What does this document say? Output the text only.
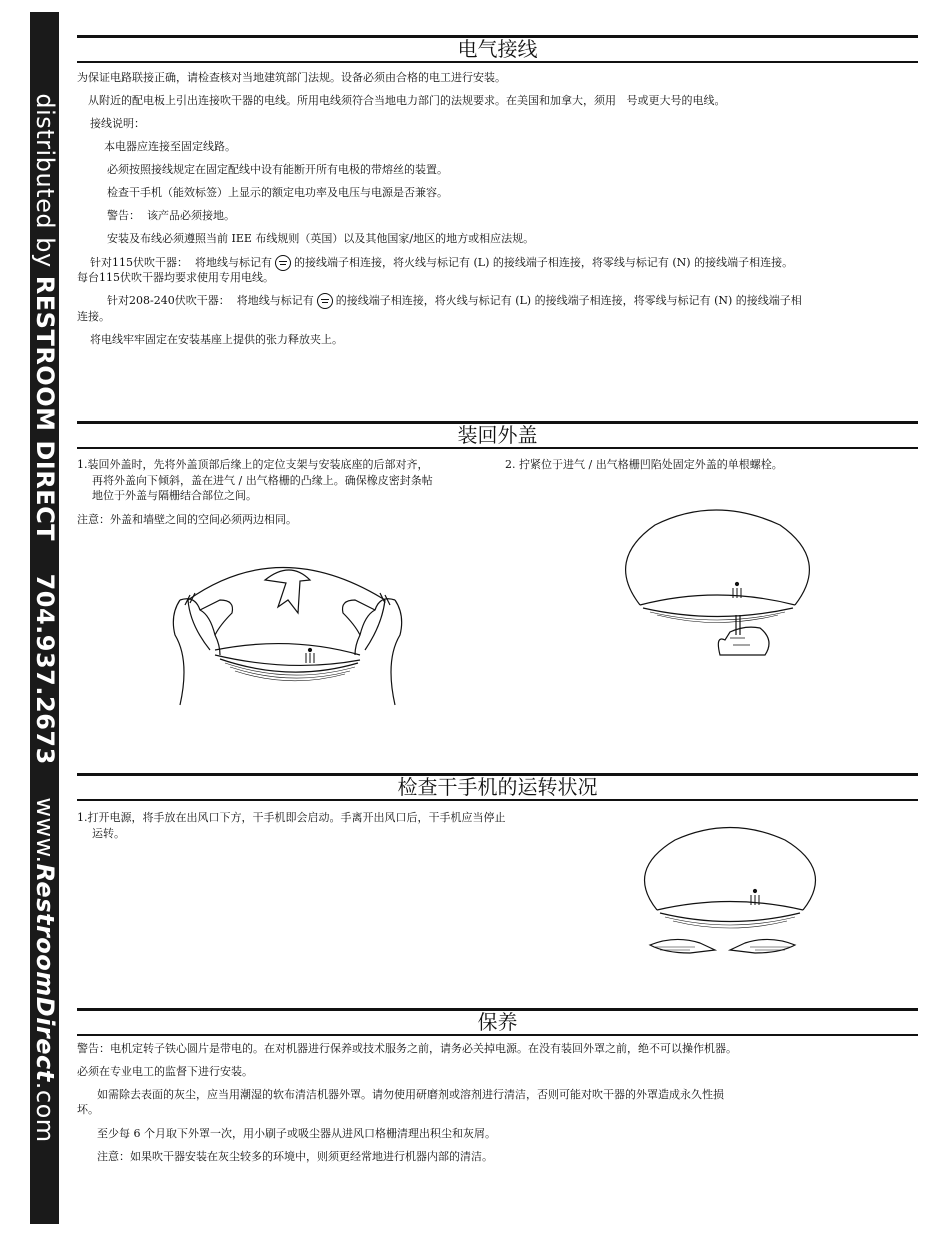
distributed by RESTROOM DIRECT    704.937.2673    www.RestroomDirect.com
电气接线
为保证电路联接正确，请检查核对当地建筑部门法规。设备必须由合格的电工进行安装。
从附近的配电板上引出连接吹干器的电线。所用电线须符合当地电力部门的法规要求。在美国和加拿大，须用   号或更大号的电线。
接线说明：
本电器应连接至固定线路。
必须按照接线规定在固定配线中设有能断开所有电极的带熔丝的装置。
检查干手机（能效标签）上显示的额定电功率及电压与电源是否兼容。
警告：  该产品必须接地。
安装及布线必须遵照当前 IEE 布线规则（英国）以及其他国家/地区的地方或相应法规。
针对115伏吹干器：  将地线与标记有 的接线端子相连接，将火线与标记有 (L) 的接线端子相连接，将零线与标记有 (N) 的接线端子相连接。
每台115伏吹干器均要求使用专用电线。
针对208-240伏吹干器：  将地线与标记有 的接线端子相连接，将火线与标记有 (L) 的接线端子相连接，将零线与标记有 (N) 的接线端子相
连接。
将电线牢牢固定在安装基座上提供的张力释放夹上。
装回外盖
1.装回外盖时，先将外盖顶部后缘上的定位支架与安装底座的后部对齐，
再将外盖向下倾斜，盖在进气 / 出气格栅的凸缘上。确保橡皮密封条帖
地位于外盖与隔栅结合部位之间。
注意：外盖和墙壁之间的空间必须两边相同。
2. 拧紧位于进气 / 出气格栅凹陷处固定外盖的单根螺栓。
检查干手机的运转状况
1.打开电源，将手放在出风口下方，干手机即会启动。手离开出风口后，干手机应当停止
运转。
保养
警告：电机定转子铁心圆片是带电的。在对机器进行保养或技术服务之前，请务必关掉电源。在没有装回外罩之前，绝不可以操作机器。
必须在专业电工的监督下进行安装。
如需除去表面的灰尘，应当用潮湿的软布清洁机器外罩。请勿使用研磨剂或溶剂进行清洁，否则可能对吹干器的外罩造成永久性损
坏。
至少每 6 个月取下外罩一次，用小刷子或吸尘器从进风口格栅清理出积尘和灰屑。
注意：如果吹干器安装在灰尘较多的环境中，则须更经常地进行机器内部的清洁。
